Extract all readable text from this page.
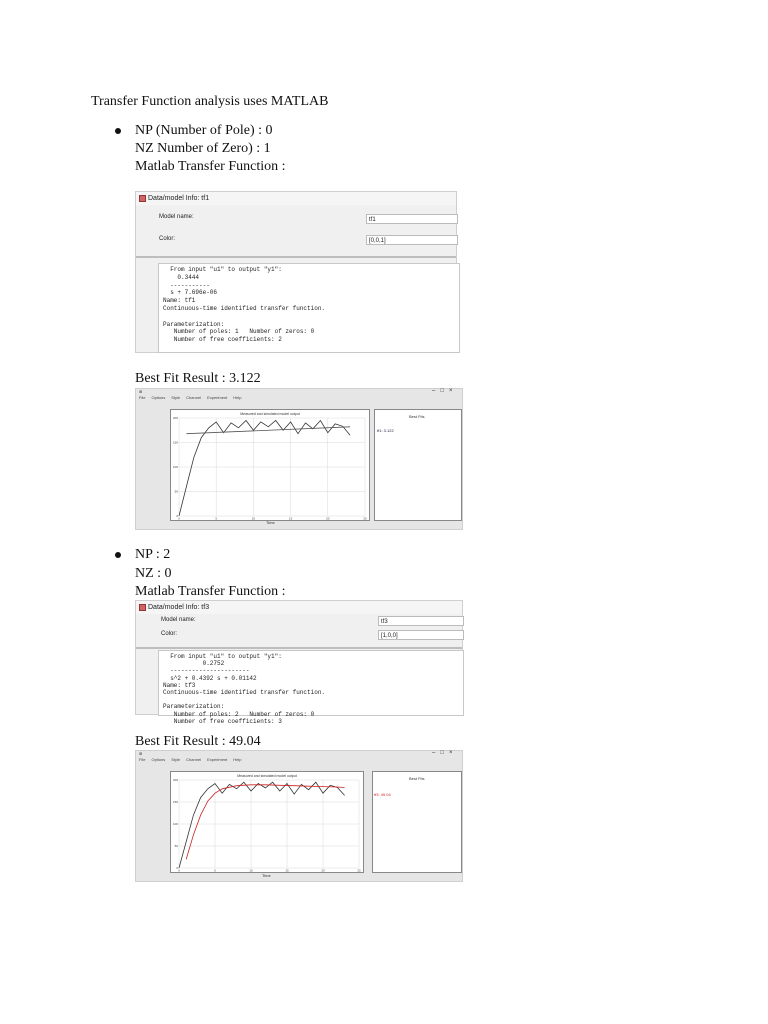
Transfer Function analysis uses MATLAB
NP (Number of Pole) : 0
NZ Number of Zero) : 1
Matlab Transfer Function :
Data/model Info: tf1
Model name:	tf1
Color:	[0,0,1]
From input "u1" to output "y1":
0.3444
-----------
s + 7.696e-06
Name: tf1
Continuous-time identified transfer function.

Parameterization:
Number of poles: 1   Number of zeros: 0
Number of free coefficients: 2
Best Fit Result : 3.122
⊞	–   □   ×
File Options Style Channel Experiment Help
Measured and simulated model output
0	5	10	15	20	25
0
50
100
150
200
Time
Best Fits
tf1: 3.122
NP : 2
NZ : 0
Matlab Transfer Function :
Data/model Info: tf3
Model name:	tf3
Color:	[1,0,0]
From input "u1" to output "y1":
0.2752
----------------------
s^2 + 0.4392 s + 0.01142
Name: tf3
Continuous-time identified transfer function.

Parameterization:
Number of poles: 2   Number of zeros: 0
Number of free coefficients: 3
Best Fit Result : 49.04
⊞	–   □   ×
File Options Style Channel Experiment Help
Measured and simulated model output
0	5	10	15	20	25
0
50
100
150
200
Time
Best Fits
tf3: 49.04
